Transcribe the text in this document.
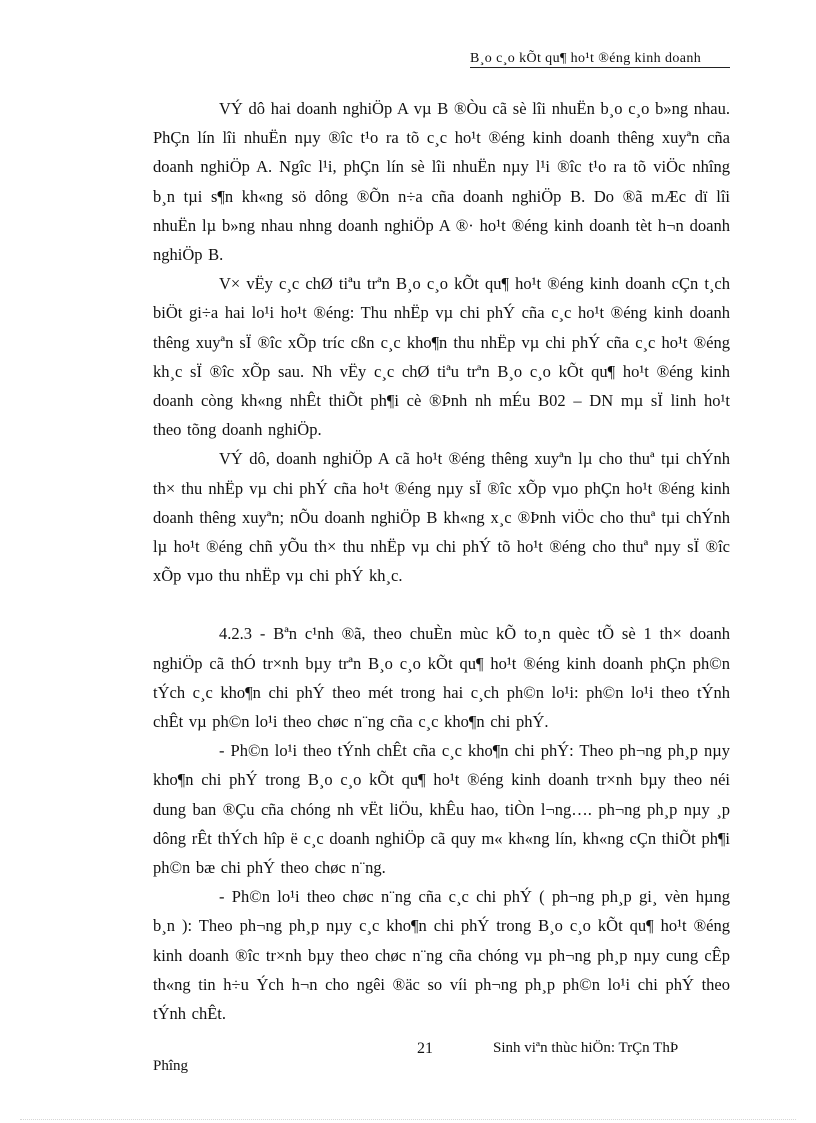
B¸o c¸o kÕt qu¶ ho¹t ®éng kinh doanh

VÝ dô hai doanh nghiÖp A vµ B ®Òu cã sè lîi nhuËn b¸o c¸o b»ng nhau. PhÇn lín lîi nhuËn nµy ®îc t¹o ra tõ c¸c ho¹t ®éng kinh doanh thêng xuyªn cña doanh nghiÖp A. Ngîc l¹i, phÇn lín sè lîi nhuËn nµy l¹i ®îc t¹o ra tõ viÖc nhîng b¸n tµi s¶n kh«ng sö dông ®Õn n÷a cña doanh nghiÖp B. Do ®ã mÆc dï lîi nhuËn lµ b»ng nhau nhng doanh nghiÖp A ®· ho¹t ®éng kinh doanh tèt h¬n doanh nghiÖp B.

V× vËy c¸c chØ tiªu trªn B¸o c¸o kÕt qu¶ ho¹t ®éng kinh doanh cÇn t¸ch biÖt gi÷a hai lo¹i ho¹t ®éng: Thu nhËp vµ chi phÝ cña c¸c ho¹t ®éng kinh doanh thêng xuyªn sÏ ®îc xÕp tríc cßn c¸c kho¶n thu nhËp vµ chi phÝ cña c¸c ho¹t ®éng kh¸c sÏ ®îc xÕp sau. Nh vËy c¸c chØ tiªu trªn B¸o c¸o kÕt qu¶ ho¹t ®éng kinh doanh còng kh«ng nhÊt thiÕt ph¶i cè ®Þnh nh mÉu B02 – DN mµ sÏ linh ho¹t theo tõng doanh nghiÖp.

VÝ dô, doanh nghiÖp A cã ho¹t ®éng thêng xuyªn lµ cho thuª tµi chÝnh th× thu nhËp vµ chi phÝ cña ho¹t ®éng nµy sÏ ®îc xÕp vµo phÇn ho¹t ®éng kinh doanh thêng xuyªn; nÕu doanh nghiÖp B kh«ng x¸c ®Þnh viÖc cho thuª tµi chÝnh lµ ho¹t ®éng chñ yÕu th× thu nhËp vµ chi phÝ tõ ho¹t ®éng cho thuª nµy sÏ ®îc xÕp vµo thu nhËp vµ chi phÝ kh¸c.

4.2.3 - Bªn c¹nh ®ã, theo chuÈn mùc kÕ to¸n quèc tÕ sè 1 th× doanh nghiÖp cã thÓ tr×nh bµy trªn B¸o c¸o kÕt qu¶ ho¹t ®éng kinh doanh phÇn ph©n tÝch c¸c kho¶n chi phÝ theo mét trong hai c¸ch ph©n lo¹i: ph©n lo¹i theo tÝnh chÊt vµ ph©n lo¹i theo chøc n¨ng cña c¸c kho¶n chi phÝ.

- Ph©n lo¹i theo tÝnh chÊt cña c¸c kho¶n chi phÝ: Theo ph¬ng ph¸p nµy kho¶n chi phÝ trong B¸o c¸o kÕt qu¶ ho¹t ®éng kinh doanh tr×nh bµy theo néi dung ban ®Çu cña chóng nh vËt liÖu, khÊu hao, tiÒn l¬ng…. ph¬ng ph¸p nµy ¸p dông rÊt thÝch hîp ë c¸c doanh nghiÖp cã quy m« kh«ng lín, kh«ng cÇn thiÕt ph¶i ph©n bæ chi phÝ theo chøc n¨ng.

- Ph©n lo¹i theo chøc n¨ng cña c¸c chi phÝ ( ph¬ng ph¸p gi¸ vèn hµng b¸n ): Theo ph¬ng ph¸p nµy c¸c kho¶n chi phÝ trong B¸o c¸o kÕt qu¶ ho¹t ®éng kinh doanh ®îc tr×nh bµy theo chøc n¨ng cña chóng vµ ph¬ng ph¸p nµy cung cÊp th«ng tin h÷u Ých h¬n cho ngêi ®äc so víi ph¬ng ph¸p ph©n lo¹i chi phÝ theo tÝnh chÊt.

21	Sinh viªn thùc hiÖn: TrÇn ThÞ
Phîng
